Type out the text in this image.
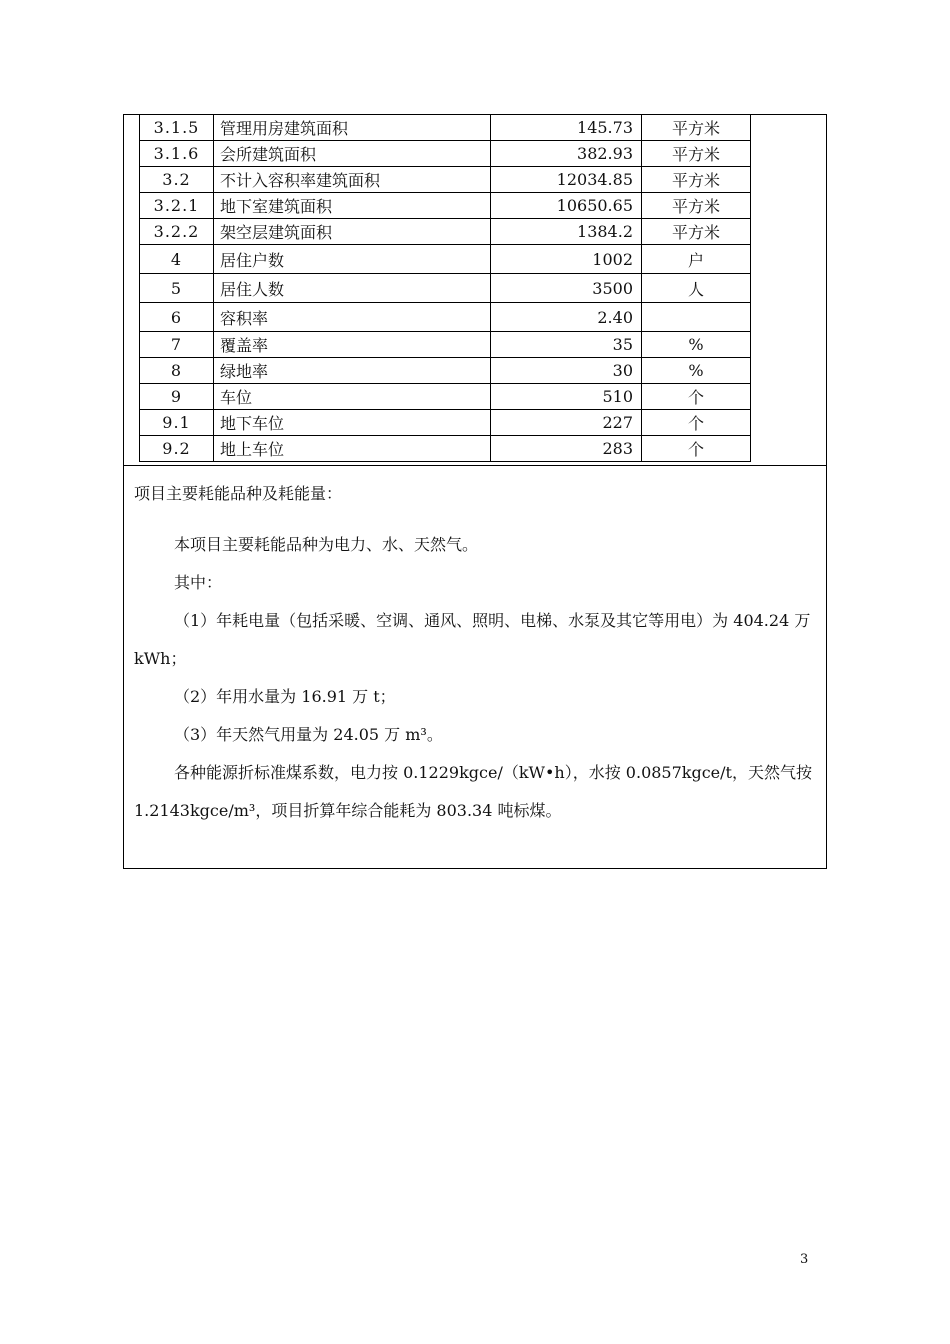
3.1.5	管理用房建筑面积	145.73	平方米
3.1.6	会所建筑面积	382.93	平方米
3.2	不计入容积率建筑面积	12034.85	平方米
3.2.1	地下室建筑面积	10650.65	平方米
3.2.2	架空层建筑面积	1384.2	平方米
4	居住户数	1002	户
5	居住人数	3500	人
6	容积率	2.40	
7	覆盖率	35	%
8	绿地率	30	%
9	车位	510	个
9.1	地下车位	227	个
9.2	地上车位	283	个

项目主要耗能品种及耗能量：

本项目主要耗能品种为电力、水、天然气。

其中：

（1）年耗电量（包括采暖、空调、通风、照明、电梯、水泵及其它等用电）为 404.24 万 kWh；

（2）年用水量为 16.91 万 t；

（3）年天然气用量为 24.05 万 m³。

各种能源折标准煤系数，电力按 0.1229kgce/（kW•h），水按 0.0857kgce/t，天然气按 1.2143kgce/m³，项目折算年综合能耗为 803.34 吨标煤。

3
